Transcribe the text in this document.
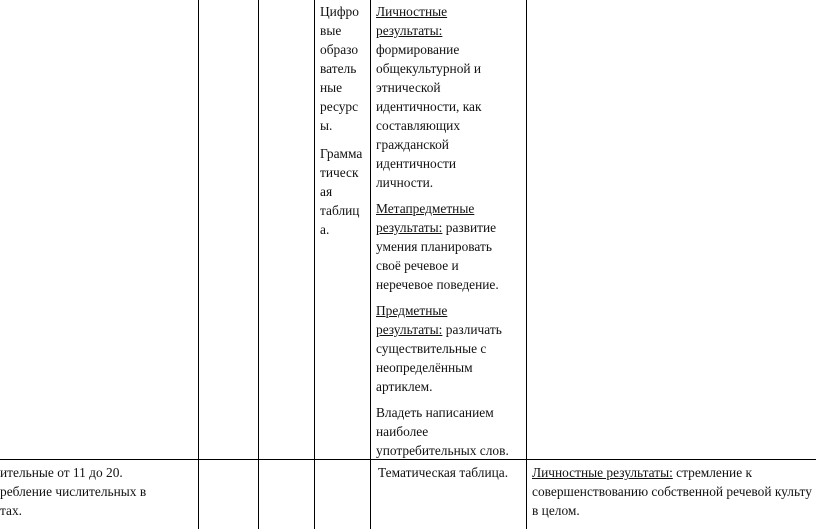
Цифро
вые
образо
ватель
ные
ресурс
ы.
Грамма
тическ
ая
таблиц
а.

Личностные результаты: формирование общекультурной и этнической идентичности, как составляющих гражданской идентичности личности.

Метапредметные результаты: развитие умения планировать своё речевое и неречевое поведение.

Предметные результаты: различать существительные с неопределённым артиклем.

Владеть написанием наиболее употребительных слов.

ительные от 11 до 20.
ребление числительных в
тах.
Тематическая таблица.	Личностные результаты: стремление к
совершенствованию собственной речевой культу
в целом.
